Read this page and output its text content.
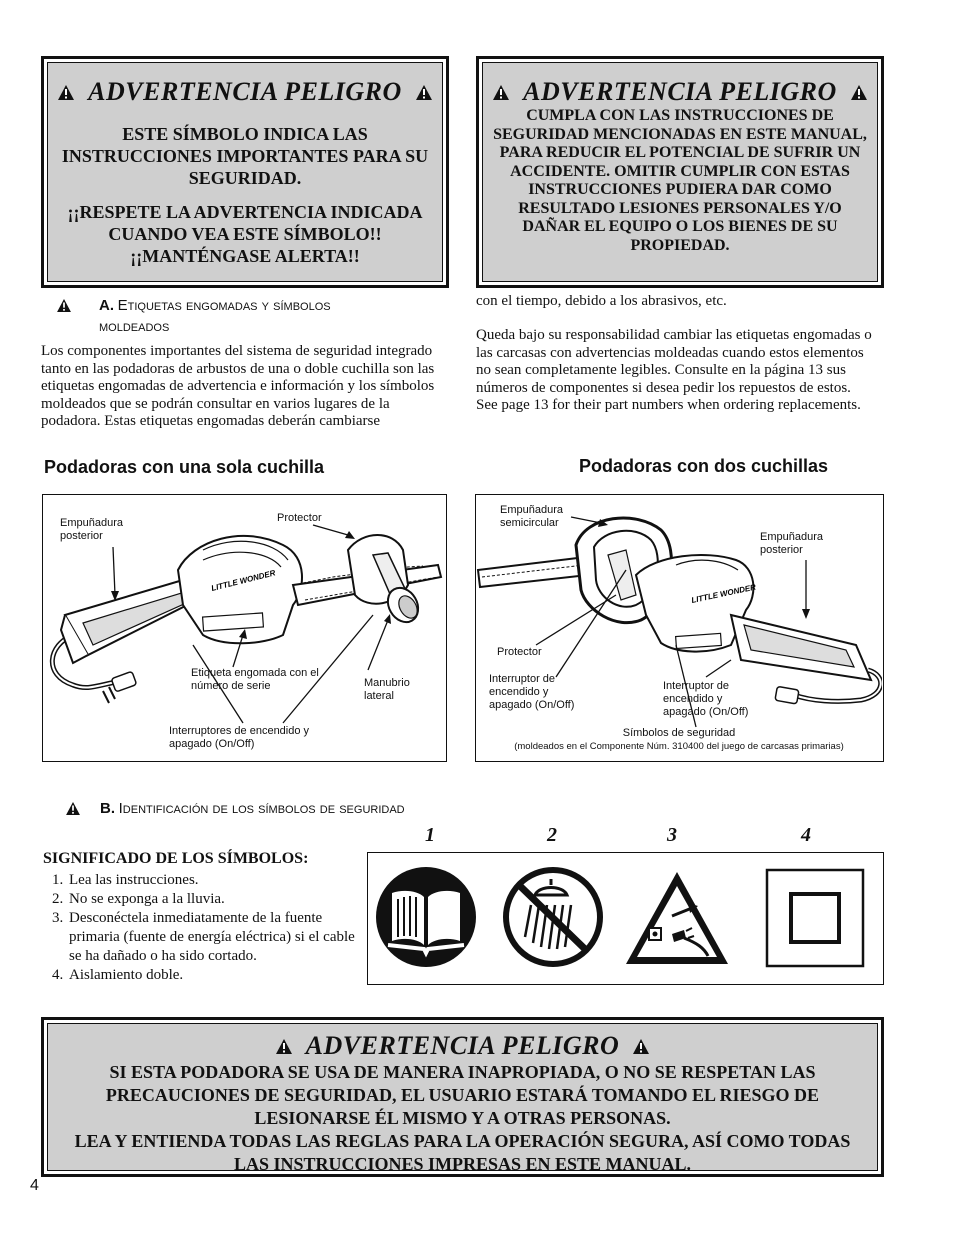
ADVERTENCIA PELIGRO
ESTE SÍMBOLO INDICA LAS INSTRUCCIONES IMPORTANTES PARA SU SEGURIDAD.
¡¡RESPETE LA ADVERTENCIA INDICADA CUANDO VEA ESTE SÍMBOLO!! ¡¡MANTÉNGASE ALERTA!!
ADVERTENCIA PELIGRO
CUMPLA CON LAS INSTRUCCIONES DE SEGURIDAD MENCIONADAS EN ESTE MANUAL, PARA REDUCIR EL POTENCIAL DE SUFRIR UN ACCIDENTE. OMITIR CUMPLIR CON ESTAS INSTRUCCIONES PUDIERA DAR COMO RESULTADO LESIONES PERSONALES Y/O DAÑAR EL EQUIPO O LOS BIENES DE SU PROPIEDAD.
A. Etiquetas engomadas y símbolos
moldeados
Los componentes importantes del sistema de seguridad integrado tanto en las podadoras de arbustos de una o doble cuchilla son las etiquetas engomadas de advertencia e información y los símbolos moldeados que se podrán consultar en varios lugares de la podadora. Estas etiquetas engomadas deberán cambiarse
con el tiempo, debido a los abrasivos, etc.
Queda bajo su responsabilidad cambiar las etiquetas engomadas o las carcasas con advertencias moldeadas cuando estos elementos no sean completamente legibles. Consulte en la página 13 sus números de componentes si desea pedir los repuestos de estos. See page 13 for their part numbers when ordering replacements.
Podadoras con una sola cuchilla	Podadoras con dos cuchillas
LITTLE WONDER
Empuñadura posterior
Protector
Etiqueta engomada con el número de serie	Manubrio lateral
Interruptores de encendido y apagado (On/Off)
LITTLE WONDER
Empuñadura semicircular
Empuñadura posterior
Protector
Interruptor de encendido y apagado (On/Off)
Interruptor de encendido y apagado (On/Off)
Símbolos de seguridad
(moldeados en el Componente Núm. 310400 del juego de carcasas primarias)
B. Identificación de los símbolos de seguridad
1	2	3	4
SIGNIFICADO DE LOS SÍMBOLOS:
1. Lea las instrucciones.
2. No se exponga a la lluvia.
3. Desconéctela inmediatamente de la fuente primaria (fuente de energía eléctrica) si el cable se ha dañado o ha sido cortado.
4. Aislamiento doble.
ADVERTENCIA PELIGRO
SI ESTA PODADORA SE USA DE MANERA INAPROPIADA, O NO SE RESPETAN LAS PRECAUCIONES DE SEGURIDAD, EL USUARIO ESTARÁ TOMANDO EL RIESGO DE LESIONARSE ÉL MISMO Y A OTRAS PERSONAS.
LEA Y ENTIENDA TODAS LAS REGLAS PARA LA OPERACIÓN SEGURA, ASÍ COMO TODAS LAS INSTRUCCIONES IMPRESAS EN ESTE MANUAL.
4
